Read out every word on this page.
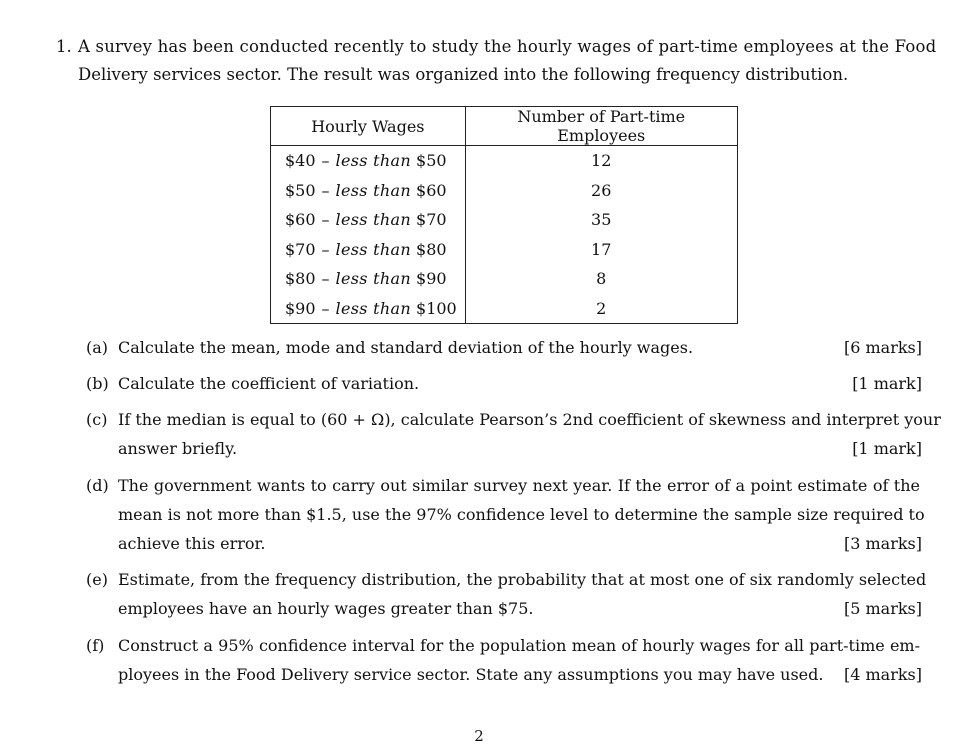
1. A survey has been conducted recently to study the hourly wages of part-time employees at the Food
Delivery services sector. The result was organized into the following frequency distribution.
Hourly Wages	Number of Part-time Employees
$40 – less than $50	12
$50 – less than $60	26
$60 – less than $70	35
$70 – less than $80	17
$80 – less than $90	8
$90 – less than $100	2
(a) Calculate the mean, mode and standard deviation of the hourly wages.	[6 marks]
(b) Calculate the coefficient of variation.	[1 mark]
(c) If the median is equal to (60 + Ω), calculate Pearson’s 2nd coefficient of skewness and interpret your
answer briefly.	[1 mark]
(d) The government wants to carry out similar survey next year. If the error of a point estimate of the
mean is not more than $1.5, use the 97% confidence level to determine the sample size required to
achieve this error.	[3 marks]
(e) Estimate, from the frequency distribution, the probability that at most one of six randomly selected
employees have an hourly wages greater than $75.	[5 marks]
(f) Construct a 95% confidence interval for the population mean of hourly wages for all part-time em-
ployees in the Food Delivery service sector. State any assumptions you may have used. [4 marks]
2
